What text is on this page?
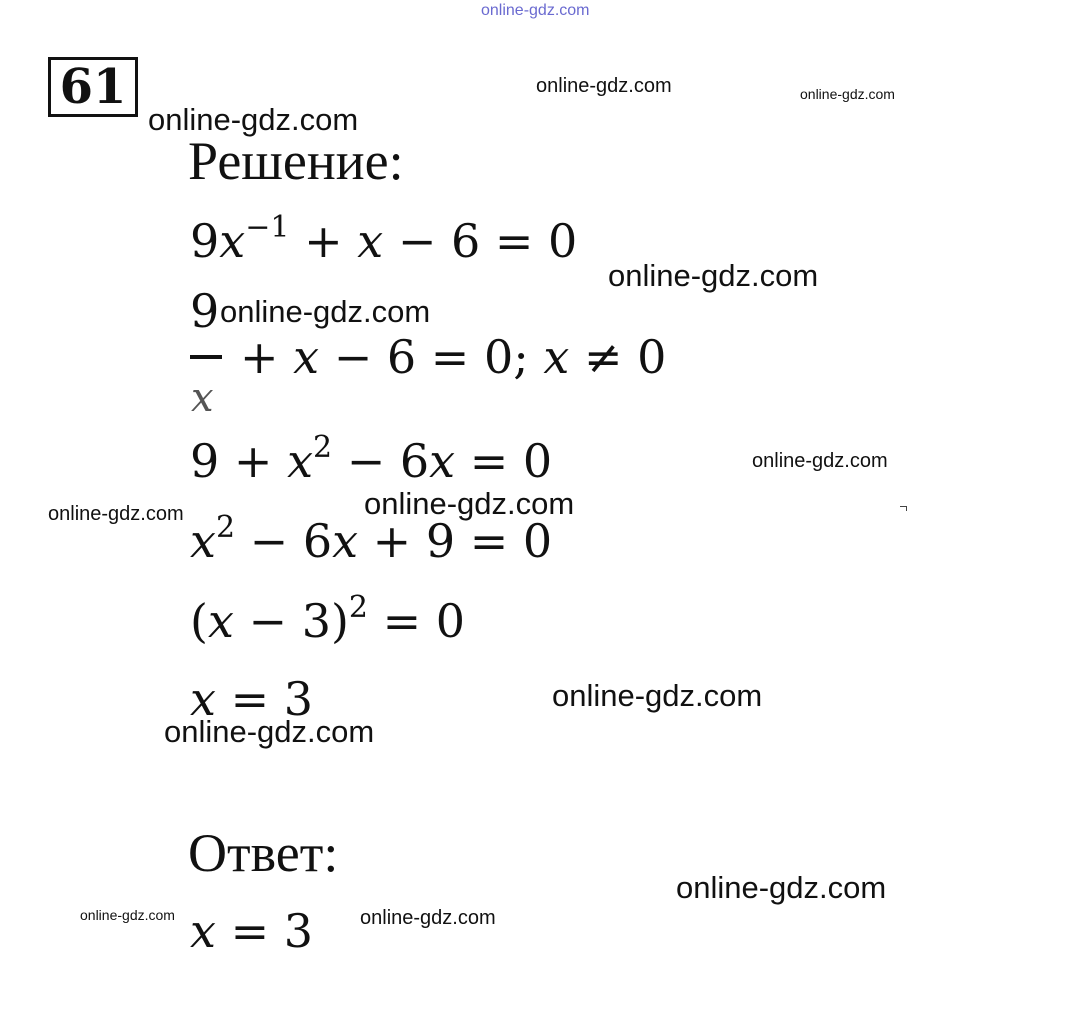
online-gdz.com
61	online-gdz.com	online-gdz.com
online-gdz.com
Решение:
$9x^{-1} + x - 6 = 0$
online-gdz.com
9 online-gdz.com
+ x − 6 = 0; x ≠ 0
x
$9 + x^2 - 6x = 0$	online-gdz.com
online-gdz.com
online-gdz.com $x^2 - 6x + 9 = 0$
$(x - 3)^2 = 0$
x = 3	online-gdz.com
online-gdz.com
Ответ:
online-gdz.com
online-gdz.com	online-gdz.com
x = 3
